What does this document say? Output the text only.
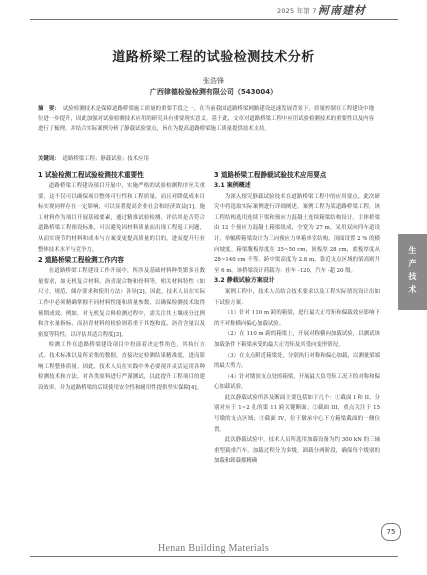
2025 年第 7 期
河南建材
道路桥梁工程的试验检测技术分析
张浩锋
广西律德检验检测有限公司（543004）
摘　要： 试验检测技术是保障道路桥梁施工质量的重要手段之一，在当前我国道路桥梁网路建设迅速发展背景下，质量控制在工程建设中地位进一步提升，因此加强对试验检测技术应用的研究具有重要现实意义。基于此，文章对道路桥梁工程中应用试验检测技术的重要性以及内容进行了梳理，并结合实际案例分析了静载试验要点，旨在为提高道路桥梁施工质量提供技术支持。
关键词： 道路桥梁工程；静载试验；技术应用
1 试验检测工程试验检测技术重要性

道路桥梁工程建设项目开展中，实施严格的试验检测程序至关重要，这不仅可以确保项目整体可行性和工程质量，而且对降低成本目标实现同样存在一定影响，可以显著提高企业社会和经济效益[1]。施工材料作为项目开展基础要素，通过精准试验检测，评估其是否符合道路桥梁工程预设标准，可以避免因材料质量而出现工程返工问题，从而实现节约材料和成本与方案变更提高质量的目的，进而提升行业整体技术水平与竞争力。

2 道路桥梁工程检测工作内容

在道路桥梁工程建设工作开展中，所涉及基础材料种类繁多且数量要求，如无机复合材料、沥青混合物和骨料等，相关材料特性（如尺寸、规范、储存要求和使用方法）各异[2]。因此，技术人员在实际工作中必须精确掌握不同材料性能和质量参数，以确保检测技术取得预期成效。例如，对无机复合料检测过程中，需关注其土壤成分比例和含水量指标，而沥青材料的检验则着重于其饱和度、沥青含量以及密度等特性，以评估其适合程度[3]。

检测工作在道路桥梁建设项目中扮演着决定性角色，其执行方式、技术标准以及所采集的数据，直接决定检测结果精准度，进而影响工程整体质量。因此，技术人员在实践中务必要视并灵活运用各种检测技术和方法，对各类原料进行严谨测试，以此提升工程项目的建设效率，并为道路桥梁的后续使用安全性和耐用性提供坚实保障[4]。

3 道路桥梁工程静载试验技术应用要点
3.1 案例概述

为深入探究静载试验技术在道路桥梁工程中的应用要点，此次研究中将选取实际案例进行详细阐述。案例工程为某道路桥梁工程，该工程结构选用连续下梁和预应力混凝土连续箱梁结构设计。主体桥梁由 12 个预应力混凝土箱梁组成，全宽为 27 m，采用双向四车道设计。单幅桥箱梁设计为三向预应力单箱单室结构，顶面设置 2 % 的横向坡度。箱梁腹板厚度在 35~50 cm，顶板厚 28 cm，底板厚度从 28~140 cm 不等。跨中梁高度为 2.8 m，靠近支点区域的梁高则升至 6 m。该桥梁设计荷载为：挂车 -120，汽车 -超 20 级。

3.2 静载试验方案设计

案例工程中，技术人员结合技术要求以及工程实际情况设计出如下试验方案：

（1）针对 110 m 跨的箱梁，进行最大正弯矩和偏载效应影响下的不对称横向偏心加载试验。

（2）在 110 m 跨的箱梁上，开展对称横向加载试验，以测试该加载条件下箱梁承受的最大正弯矩及其受向变形情况。

（3）在支点附近箱梁处，分别执行对称和偏心加载，以测量梁端的最大剪力。

（4）针对墩顶支点处的箱梁，开展最大负弯矩工况下的对称和偏心加载试验。

此次静载试验所涉及断面主要包括如下几个：①截面 I 和 II，分别对应于 1~2 孔的第 11 跨关键断面；②截面 III，重点关注于 15 号墩的支点区域；③截面 IV，位于墩承中心下方箱梁截面的一侧位置。

此次静载试验中，技术人员所选用加载设备为约 300 kN 的三轴重型载重汽车。加载过程分为多级，卸载分两阶段，确保每个级别的加载和卸载都精确

生
产
技
术
75
Henan Building Materials
